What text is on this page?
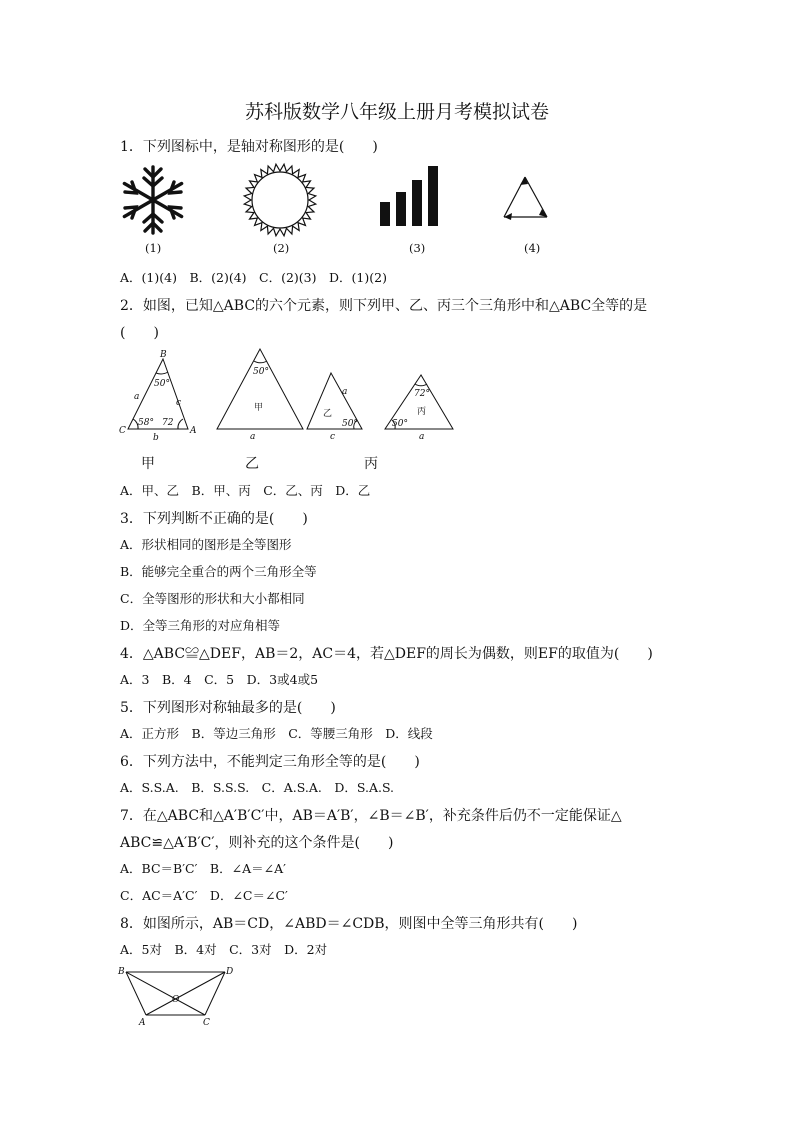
苏科版数学八年级上册月考模拟试卷
1．下列图标中，是轴对称图形的是(　　)
(1)	(2)	(3)	(4)
A．(1)(4)　B．(2)(4)　C．(2)(3)　D．(1)(2)
2．如图，已知△ABC的六个元素，则下列甲、乙、丙三个三角形中和△ABC全等的是
(　　)
B
50°
a
c
58° 72
C	A
b
50°
甲
a
a
乙
50°
c
72°
丙
50°
a
甲	乙	丙
A．甲、乙　B．甲、丙　C．乙、丙　D．乙
3．下列判断不正确的是(　　)
A．形状相同的图形是全等图形
B．能够完全重合的两个三角形全等
C．全等图形的形状和大小都相同
D．全等三角形的对应角相等
4．△ABC≌△DEF，AB＝2，AC＝4，若△DEF的周长为偶数，则EF的取值为(　　)
A．3　B．4　C．5　D．3或4或5
5．下列图形对称轴最多的是(　　)
A．正方形　B．等边三角形　C．等腰三角形　D．线段
6．下列方法中，不能判定三角形全等的是(　　)
A．S.S.A.　B．S.S.S.　C．A.S.A.　D．S.A.S.
7．在△ABC和△A′B′C′中，AB＝A′B′，∠B＝∠B′，补充条件后仍不一定能保证△
ABC≌△A′B′C′，则补充的这个条件是(　　)
A．BC＝B′C′　B．∠A＝∠A′
C．AC＝A′C′　D．∠C＝∠C′
8．如图所示，AB＝CD，∠ABD＝∠CDB，则图中全等三角形共有(　　)
A．5对　B．4对　C．3对　D．2对
B	D
O
A	C
